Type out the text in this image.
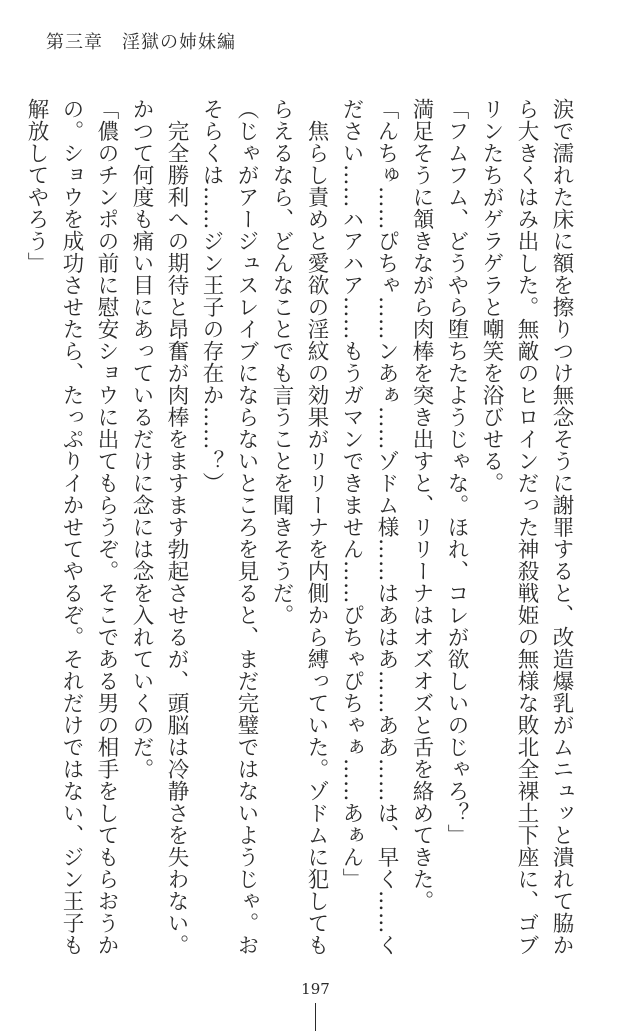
第三章　淫獄の姉妹編

涙で濡れた床に額を擦りつけ無念そうに謝罪すると、改造爆乳がムニュッと潰れて脇から大きくはみ出した。無敵のヒロインだった神殺戦姫の無様な敗北全裸土下座に、ゴブリンたちがゲラゲラと嘲笑を浴びせる。

「フムフム、どうやら堕ちたようじゃな。ほれ、コレが欲しいのじゃろ？」

満足そうに頷きながら肉棒を突き出すと、リリーナはオズオズと舌を絡めてきた。

「んちゅ……ぴちゃ……ンあぁ……ゾドム様……はあはあ……ああ……は、早く……ください……ハアハア……もうガマンできません……ぴちゃぴちゃぁ……あぁん」

　焦らし責めと愛欲の淫紋の効果がリリーナを内側から縛っていた。ゾドムに犯してもらえるなら、どんなことでも言うことを聞きそうだ。

（じゃがアージュスレイブにならないところを見ると、まだ完璧ではないようじゃ。おそらくは……ジン王子の存在か……？）

　完全勝利への期待と昂奮が肉棒をますます勃起させるが、頭脳は冷静さを失わない。かつて何度も痛い目にあっているだけに念には念を入れていくのだ。

「儂のチンポの前に慰安ショウに出てもらうぞ。そこである男の相手をしてもらおうかの。ショウを成功させたら、たっぷりイかせてやるぞ。それだけではない、ジン王子も解放してやろう」

197
